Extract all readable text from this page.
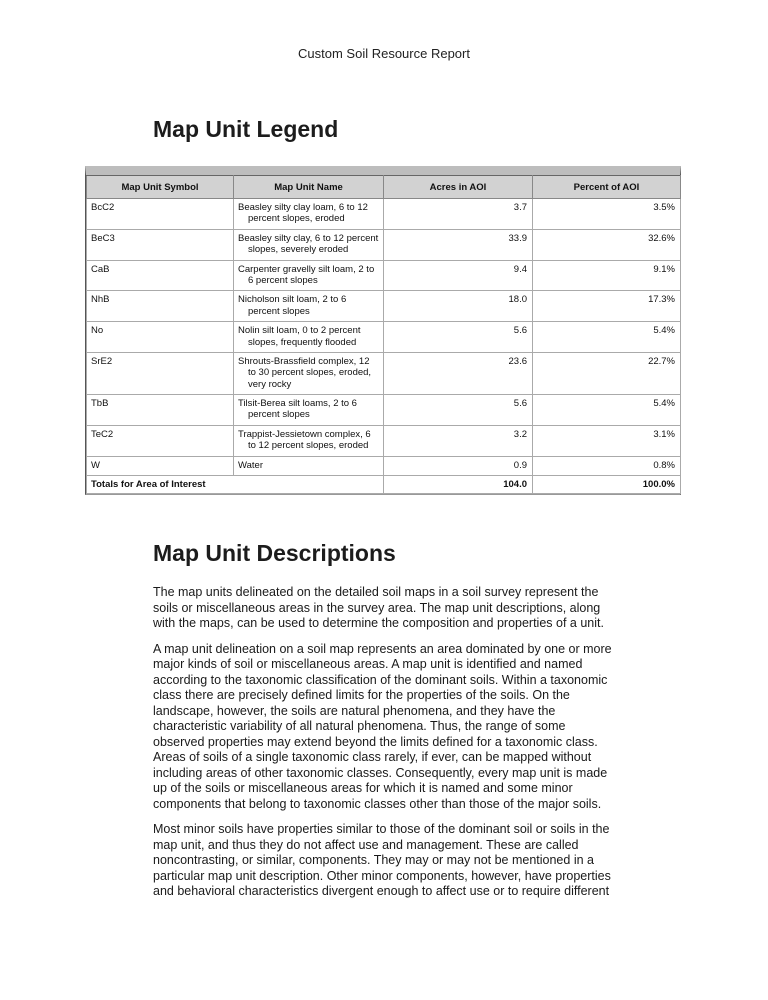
Custom Soil Resource Report
Map Unit Legend
Map Unit Symbol	Map Unit Name	Acres in AOI	Percent of AOI
BcC2	Beasley silty clay loam, 6 to 12 percent slopes, eroded	3.7	3.5%
BeC3	Beasley silty clay, 6 to 12 percent slopes, severely eroded	33.9	32.6%
CaB	Carpenter gravelly silt loam, 2 to 6 percent slopes	9.4	9.1%
NhB	Nicholson silt loam, 2 to 6 percent slopes	18.0	17.3%
No	Nolin silt loam, 0 to 2 percent slopes, frequently flooded	5.6	5.4%
SrE2	Shrouts-Brassfield complex, 12 to 30 percent slopes, eroded, very rocky	23.6	22.7%
TbB	Tilsit-Berea silt loams, 2 to 6 percent slopes	5.6	5.4%
TeC2	Trappist-Jessietown complex, 6 to 12 percent slopes, eroded	3.2	3.1%
W	Water	0.9	0.8%
Totals for Area of Interest		104.0	100.0%
Map Unit Descriptions

The map units delineated on the detailed soil maps in a soil survey represent the soils or miscellaneous areas in the survey area. The map unit descriptions, along with the maps, can be used to determine the composition and properties of a unit.

A map unit delineation on a soil map represents an area dominated by one or more major kinds of soil or miscellaneous areas. A map unit is identified and named according to the taxonomic classification of the dominant soils. Within a taxonomic class there are precisely defined limits for the properties of the soils. On the landscape, however, the soils are natural phenomena, and they have the characteristic variability of all natural phenomena. Thus, the range of some observed properties may extend beyond the limits defined for a taxonomic class. Areas of soils of a single taxonomic class rarely, if ever, can be mapped without including areas of other taxonomic classes. Consequently, every map unit is made up of the soils or miscellaneous areas for which it is named and some minor components that belong to taxonomic classes other than those of the major soils.

Most minor soils have properties similar to those of the dominant soil or soils in the map unit, and thus they do not affect use and management. These are called noncontrasting, or similar, components. They may or may not be mentioned in a particular map unit description. Other minor components, however, have properties and behavioral characteristics divergent enough to affect use or to require different
